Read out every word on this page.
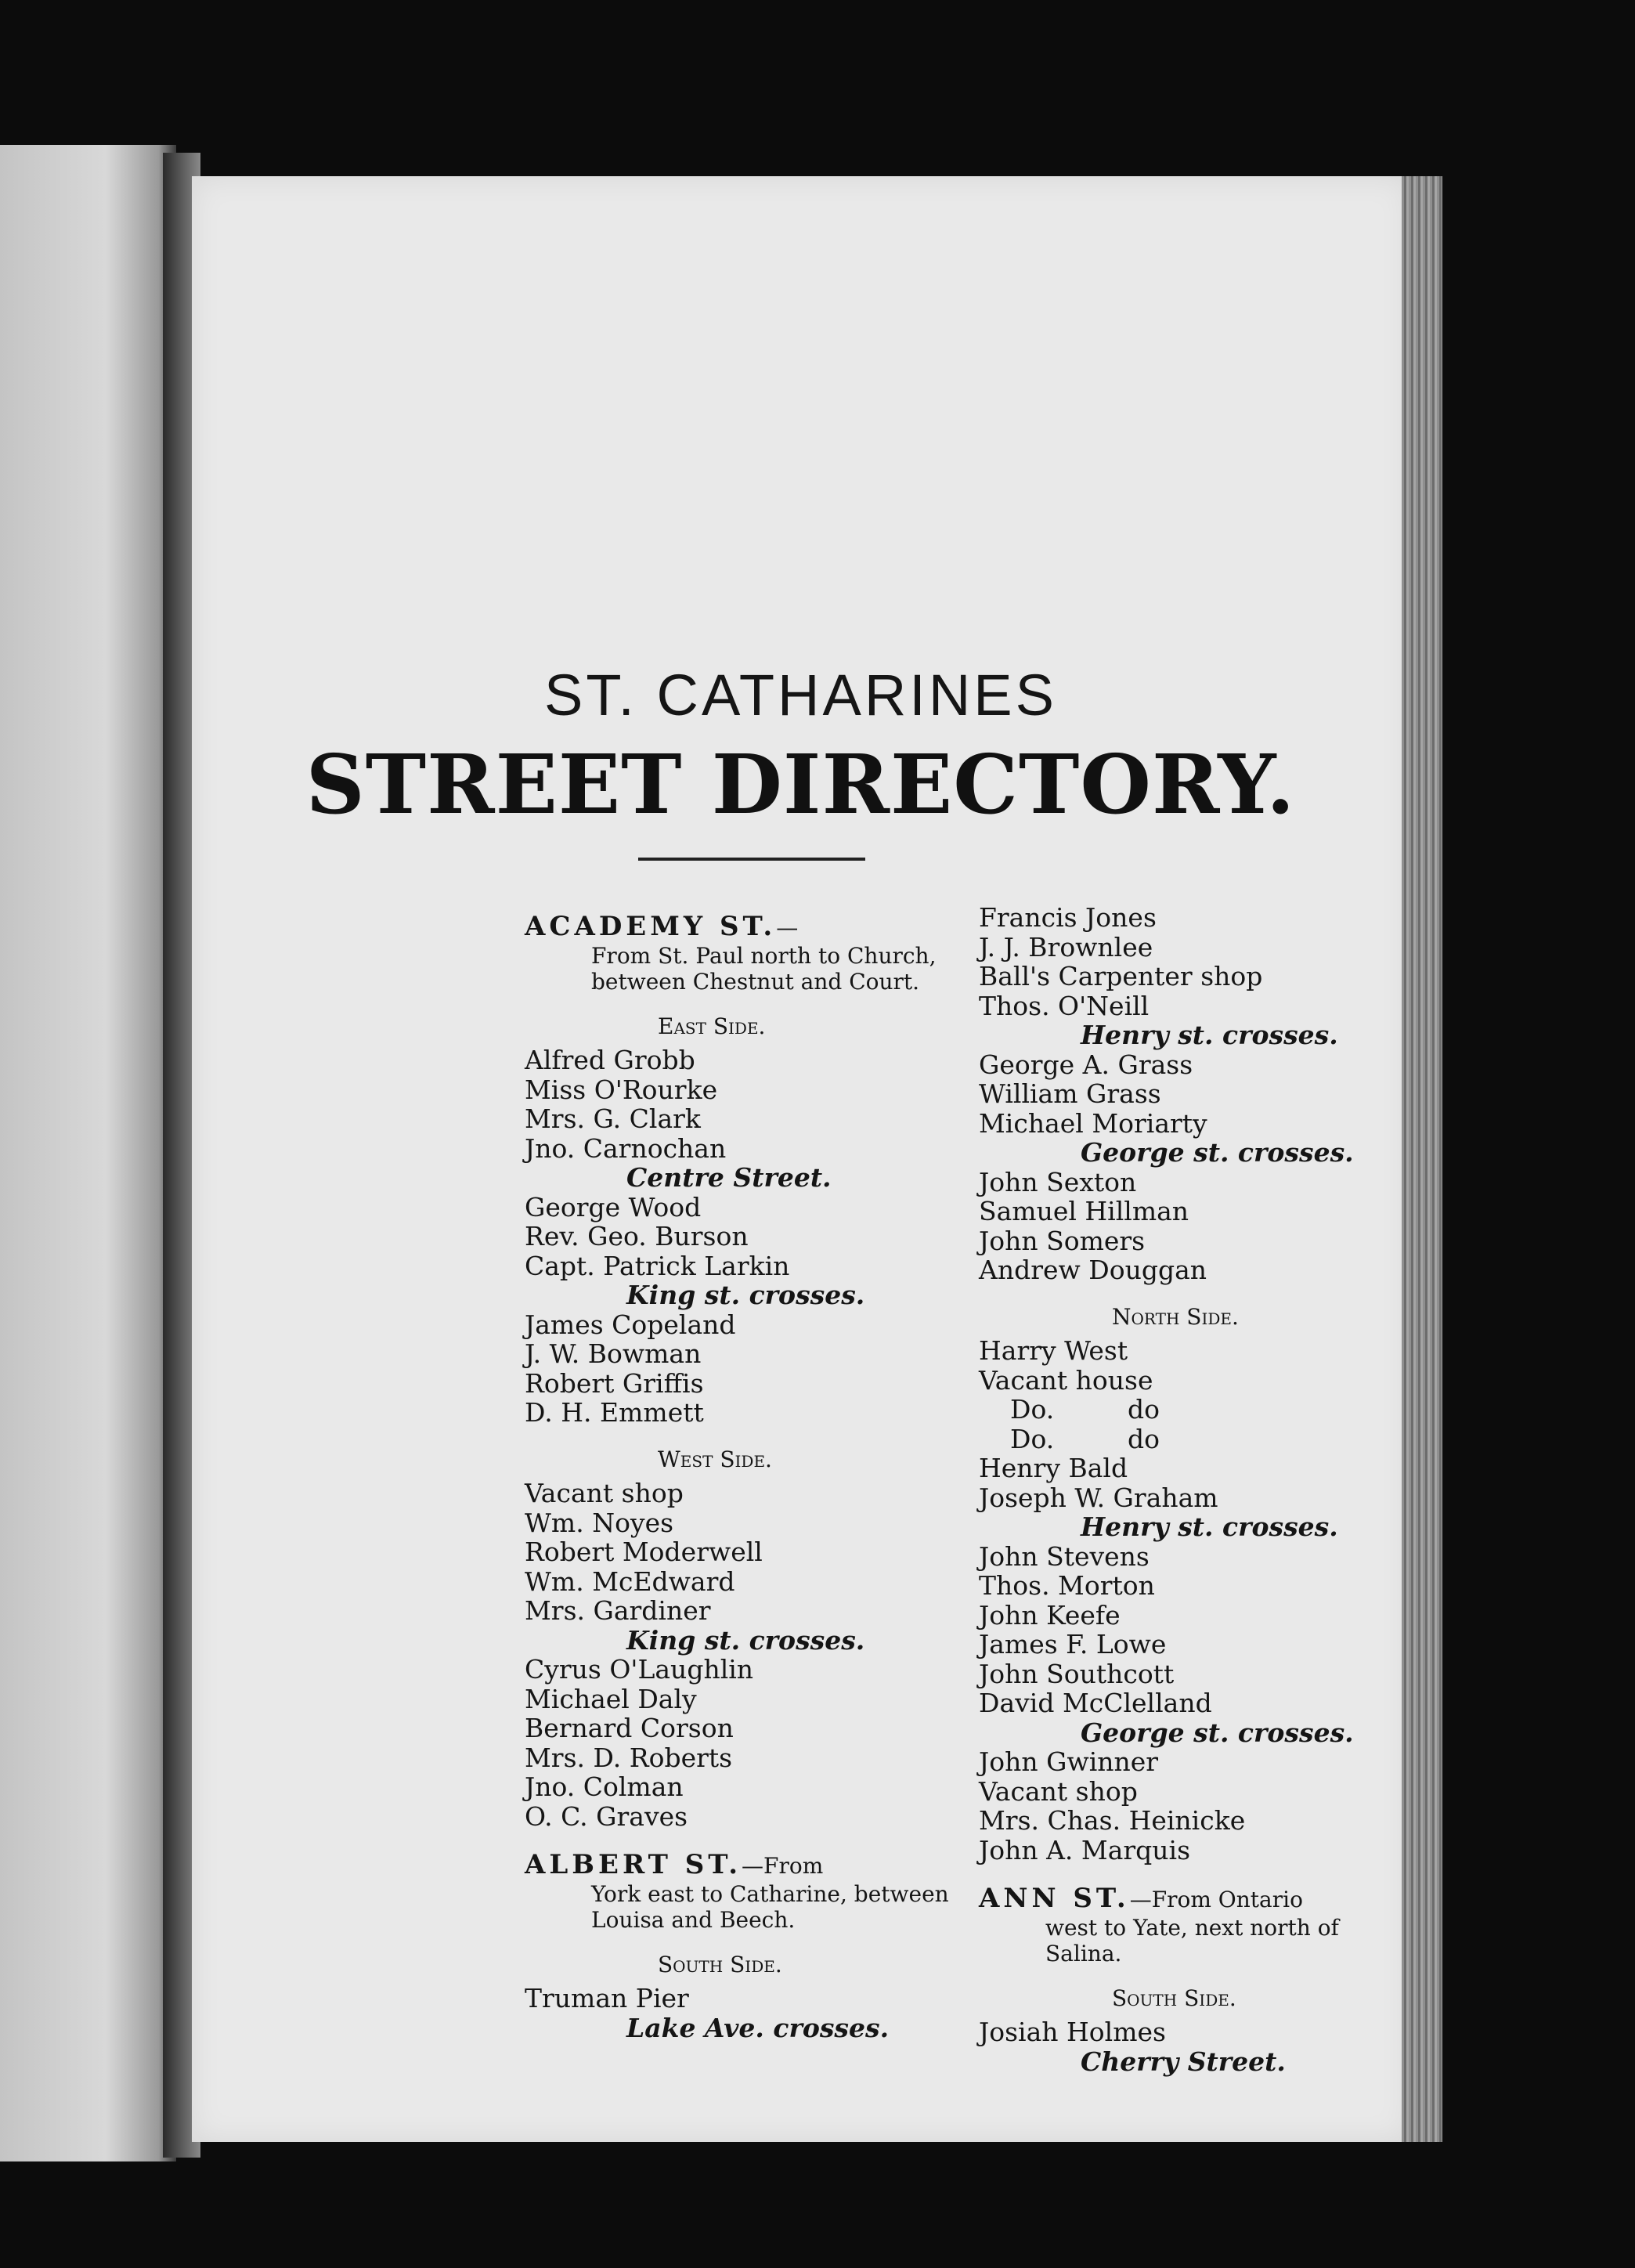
ST. CATHARINES
STREET DIRECTORY.
ACADEMY ST.—
From St. Paul north to Church,
between Chestnut and Court.
East Side.
Alfred Grobb
Miss O'Rourke
Mrs. G. Clark
Jno. Carnochan
Centre Street.
George Wood
Rev. Geo. Burson
Capt. Patrick Larkin
King st. crosses.
James Copeland
J. W. Bowman
Robert Griffis
D. H. Emmett
West Side.
Vacant shop
Wm. Noyes
Robert Moderwell
Wm. McEdward
Mrs. Gardiner
King st. crosses.
Cyrus O'Laughlin
Michael Daly
Bernard Corson
Mrs. D. Roberts
Jno. Colman
O. C. Graves
ALBERT ST.—From
York east to Catharine, between
Louisa and Beech.
South Side.
Truman Pier
Lake Ave. crosses.
Francis Jones
J. J. Brownlee
Ball's Carpenter shop
Thos. O'Neill
Henry st. crosses.
George A. Grass
William Grass
Michael Moriarty
George st. crosses.
John Sexton
Samuel Hillman
John Somers
Andrew Douggan
North Side.
Harry West
Vacant house
Do.	do
Do.	do
Henry Bald
Joseph W. Graham
Henry st. crosses.
John Stevens
Thos. Morton
John Keefe
James F. Lowe
John Southcott
David McClelland
George st. crosses.
John Gwinner
Vacant shop
Mrs. Chas. Heinicke
John A. Marquis
ANN ST.—From Ontario
west to Yate, next north of
Salina.
South Side.
Josiah Holmes
Cherry Street.
